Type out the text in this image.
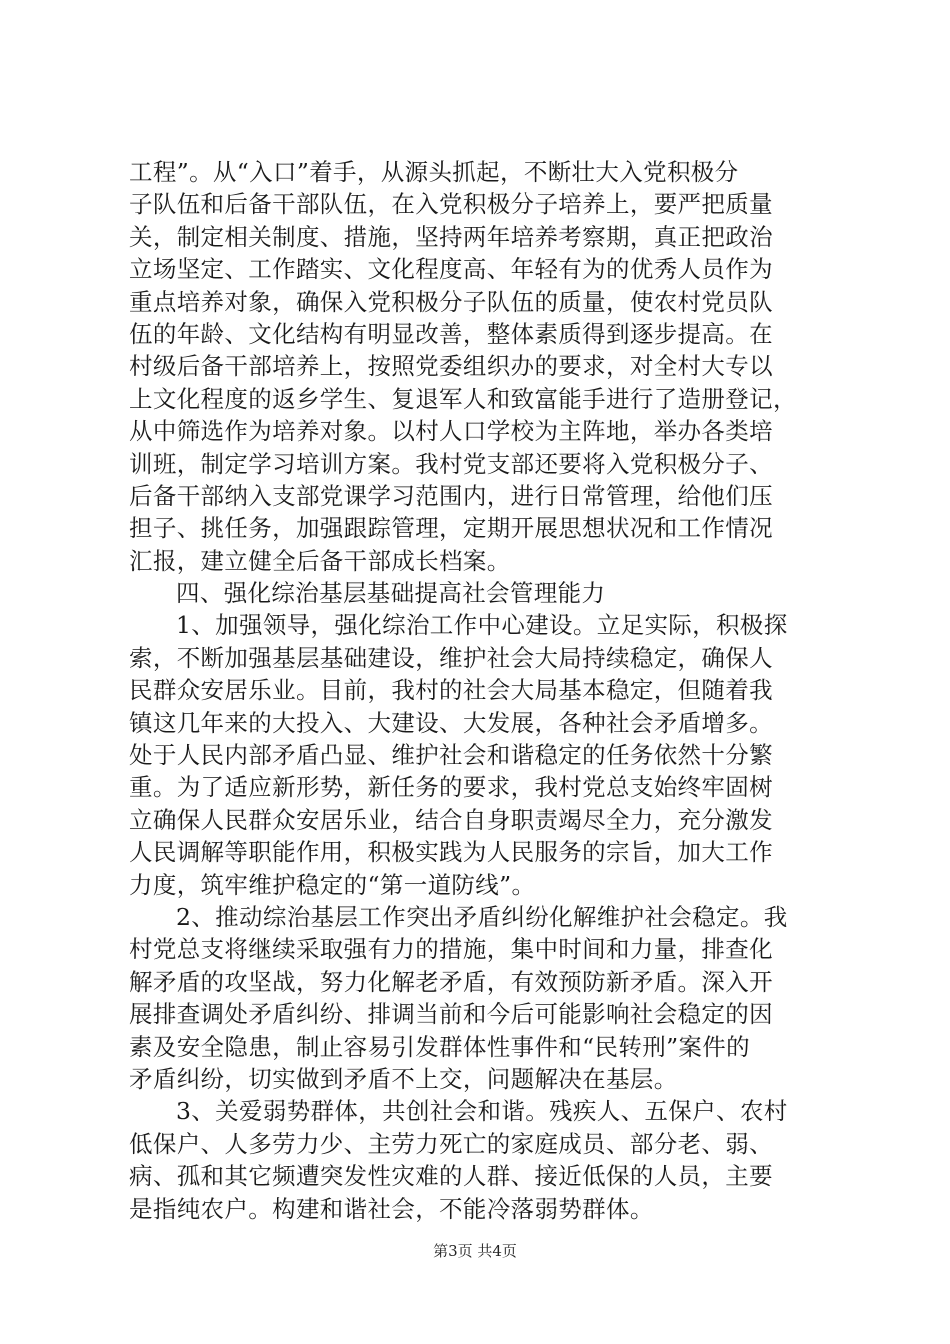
工程”。从“入口”着手，从源头抓起，不断壮大入党积极分
子队伍和后备干部队伍，在入党积极分子培养上，要严把质量
关，制定相关制度、措施，坚持两年培养考察期，真正把政治
立场坚定、工作踏实、文化程度高、年轻有为的优秀人员作为
重点培养对象，确保入党积极分子队伍的质量，使农村党员队
伍的年龄、文化结构有明显改善，整体素质得到逐步提高。在
村级后备干部培养上，按照党委组织办的要求，对全村大专以
上文化程度的返乡学生、复退军人和致富能手进行了造册登记，
从中筛选作为培养对象。以村人口学校为主阵地，举办各类培
训班，制定学习培训方案。我村党支部还要将入党积极分子、
后备干部纳入支部党课学习范围内，进行日常管理，给他们压
担子、挑任务，加强跟踪管理，定期开展思想状况和工作情况
汇报，建立健全后备干部成长档案。
四、强化综治基层基础提高社会管理能力
1、加强领导，强化综治工作中心建设。立足实际，积极探
索，不断加强基层基础建设，维护社会大局持续稳定，确保人
民群众安居乐业。目前，我村的社会大局基本稳定，但随着我
镇这几年来的大投入、大建设、大发展，各种社会矛盾增多。
处于人民内部矛盾凸显、维护社会和谐稳定的任务依然十分繁
重。为了适应新形势，新任务的要求，我村党总支始终牢固树
立确保人民群众安居乐业，结合自身职责竭尽全力，充分激发
人民调解等职能作用，积极实践为人民服务的宗旨，加大工作
力度，筑牢维护稳定的“第一道防线”。
2、推动综治基层工作突出矛盾纠纷化解维护社会稳定。我
村党总支将继续采取强有力的措施，集中时间和力量，排查化
解矛盾的攻坚战，努力化解老矛盾，有效预防新矛盾。深入开
展排查调处矛盾纠纷、排调当前和今后可能影响社会稳定的因
素及安全隐患，制止容易引发群体性事件和“民转刑”案件的
矛盾纠纷，切实做到矛盾不上交，问题解决在基层。
3、关爱弱势群体，共创社会和谐。残疾人、五保户、农村
低保户、人多劳力少、主劳力死亡的家庭成员、部分老、弱、
病、孤和其它频遭突发性灾难的人群、接近低保的人员，主要
是指纯农户。构建和谐社会，不能冷落弱势群体。
第3页 共4页
